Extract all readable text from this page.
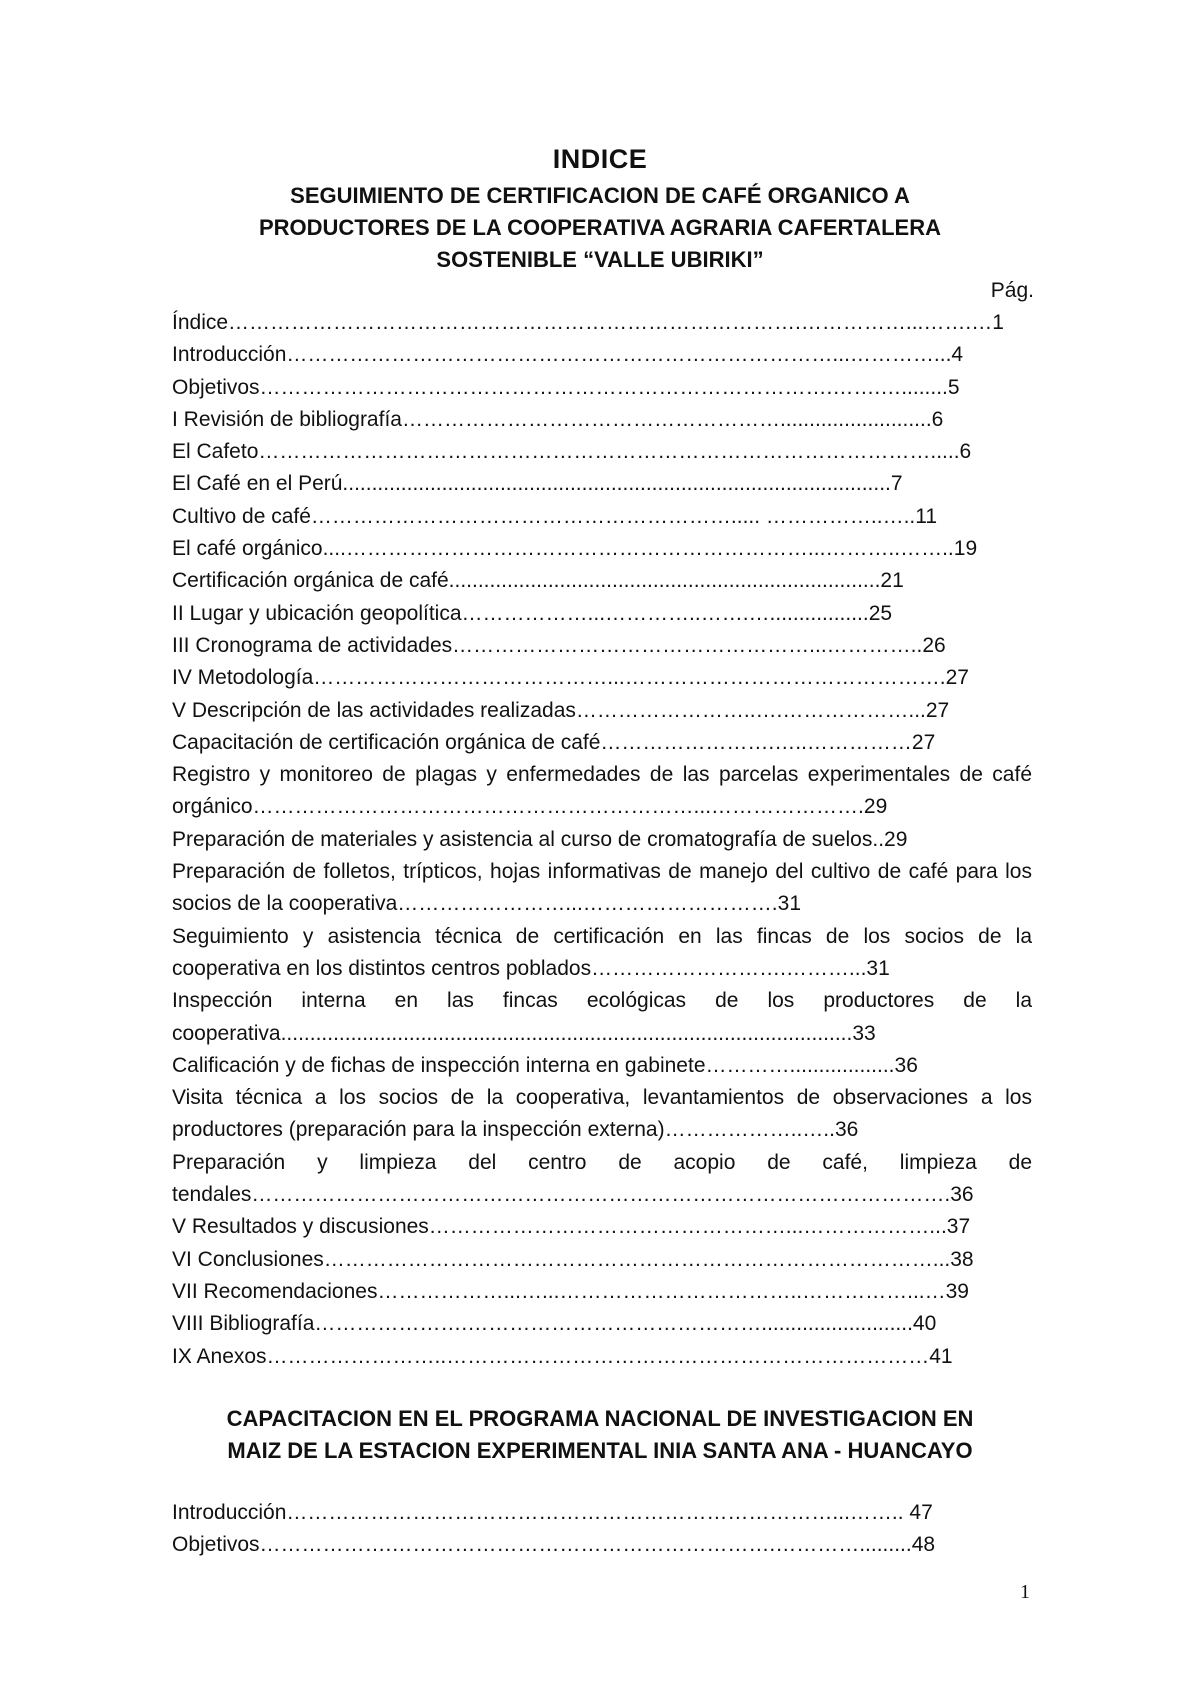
INDICE
SEGUIMIENTO DE CERTIFICACION DE CAFÉ ORGANICO A
PRODUCTORES DE LA COOPERATIVA AGRARIA CAFERTALERA
SOSTENIBLE “VALLE UBIRIKI”
Pág.
Índice……………………………………………………………………….……………...…….…1
Introducción……………………………………………………………………...…………...4
Objetivos……………………………………………………………………….…….…........5
I Revisión de bibliografía………………………………………………..........................6
El Cafeto…………………………………………………………………………………….....6
El Café en el Perú..............................................................................................7
Cultivo de café……………………………………………………..... ……………..…..11
El café orgánico....…………………………………………………………...………..……..19
Certificación orgánica de café..........................................................................21
II Lugar y ubicación geopolítica………………...…………..…….….................25
III Cronograma de actividades……………………………………………...…………..26
IV Metodología……………………………………...……………………………………….27
V Descripción de las actividades realizadas……………………..….………………...27
Capacitación de certificación orgánica de café…………………….…..……………27
Registro y monitoreo de plagas y enfermedades de las parcelas experimentales de café orgánico………………………………………………………...………………….29
Preparación de materiales y asistencia al curso de cromatografía de suelos..29
Preparación de folletos, trípticos, hojas informativas de manejo del cultivo de café para los socios de la cooperativa……………………...……………………….31
Seguimiento y asistencia técnica de certificación en las fincas de los socios de la cooperativa en los distintos centros poblados……………………….………...31
Inspección interna en las fincas ecológicas de los productores de la cooperativa..................................................................................................33
Calificación y de fichas de inspección interna en gabinete…………..................36
Visita técnica a los socios de la cooperativa, levantamientos de observaciones a los productores (preparación para la inspección externa)………………..…..36
Preparación y limpieza del centro de acopio de café, limpieza de tendales……………………………………………………………………………………….36
V Resultados y discusiones……………………………………………...………………...37
VI Conclusiones……………………………………………………………………………...38
VII Recomendaciones………………...…...……………………………..……………...…39
VIII Bibliografía………………….……………………………………..........................40
IX Anexos……………………..……………………………………………………………41
CAPACITACION EN EL PROGRAMA NACIONAL DE INVESTIGACION EN
MAIZ DE LA ESTACION EXPERIMENTAL INIA SANTA ANA - HUANCAYO
Introducción……………………………………………………………………...…….. 47
Objetivos……………….……………………………………………….………….........48
1
